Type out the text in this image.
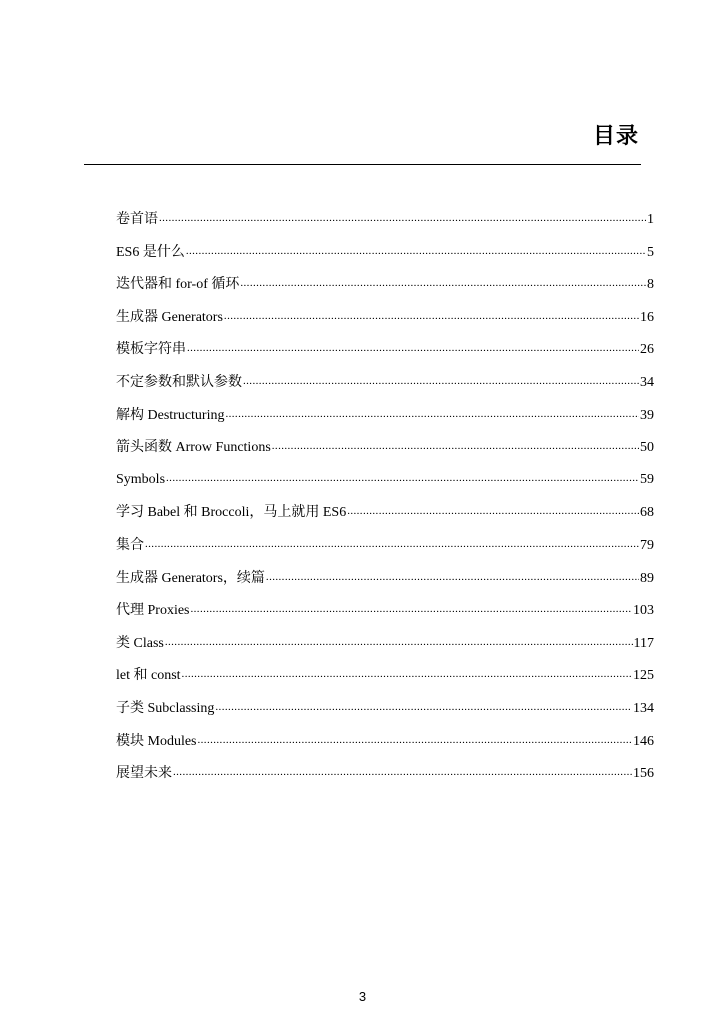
目录
卷首语 .....	1
ES6 是什么 .....	5
迭代器和 for-of 循环 .....	8
生成器 Generators .....	16
模板字符串 .....	26
不定参数和默认参数 .....	34
解构 Destructuring .....	39
箭头函数 Arrow Functions .....	50
Symbols .....	59
学习 Babel 和 Broccoli，马上就用 ES6 .....	68
集合 .....	79
生成器 Generators，续篇 .....	89
代理 Proxies .....	103
类 Class .....	117
let 和 const .....	125
子类 Subclassing .....	134
模块 Modules .....	146
展望未来 .....	156
3
